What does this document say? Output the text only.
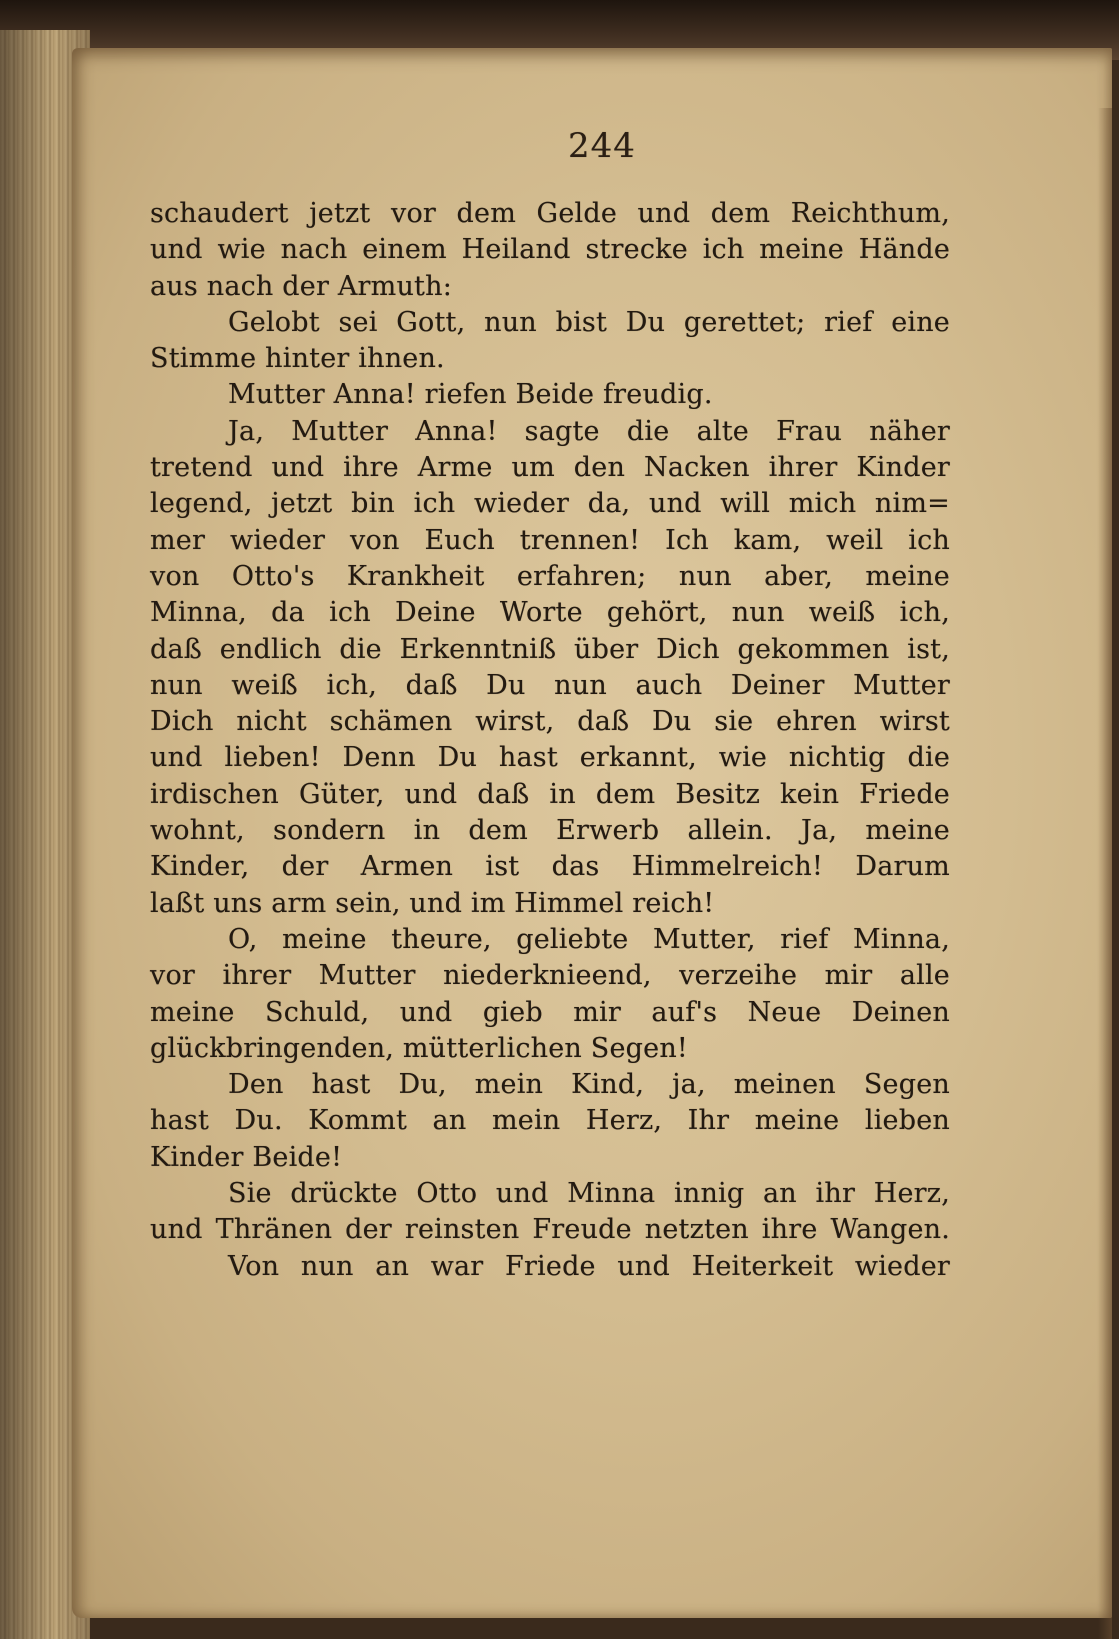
244
schaudert jetzt vor dem Gelde und dem Reichthum,
und wie nach einem Heiland strecke ich meine Hände
aus nach der Armuth:
Gelobt sei Gott, nun bist Du gerettet; rief eine
Stimme hinter ihnen.
Mutter Anna! riefen Beide freudig.
Ja, Mutter Anna! sagte die alte Frau näher
tretend und ihre Arme um den Nacken ihrer Kinder
legend, jetzt bin ich wieder da, und will mich nim=
mer wieder von Euch trennen! Ich kam, weil ich
von Otto's Krankheit erfahren; nun aber, meine
Minna, da ich Deine Worte gehört, nun weiß ich,
daß endlich die Erkenntniß über Dich gekommen ist,
nun weiß ich, daß Du nun auch Deiner Mutter
Dich nicht schämen wirst, daß Du sie ehren wirst
und lieben! Denn Du hast erkannt, wie nichtig die
irdischen Güter, und daß in dem Besitz kein Friede
wohnt, sondern in dem Erwerb allein. Ja, meine
Kinder, der Armen ist das Himmelreich! Darum
laßt uns arm sein, und im Himmel reich!
O, meine theure, geliebte Mutter, rief Minna,
vor ihrer Mutter niederknieend, verzeihe mir alle
meine Schuld, und gieb mir auf's Neue Deinen
glückbringenden, mütterlichen Segen!
Den hast Du, mein Kind, ja, meinen Segen
hast Du. Kommt an mein Herz, Ihr meine lieben
Kinder Beide!
Sie drückte Otto und Minna innig an ihr Herz,
und Thränen der reinsten Freude netzten ihre Wangen.
Von nun an war Friede und Heiterkeit wieder
